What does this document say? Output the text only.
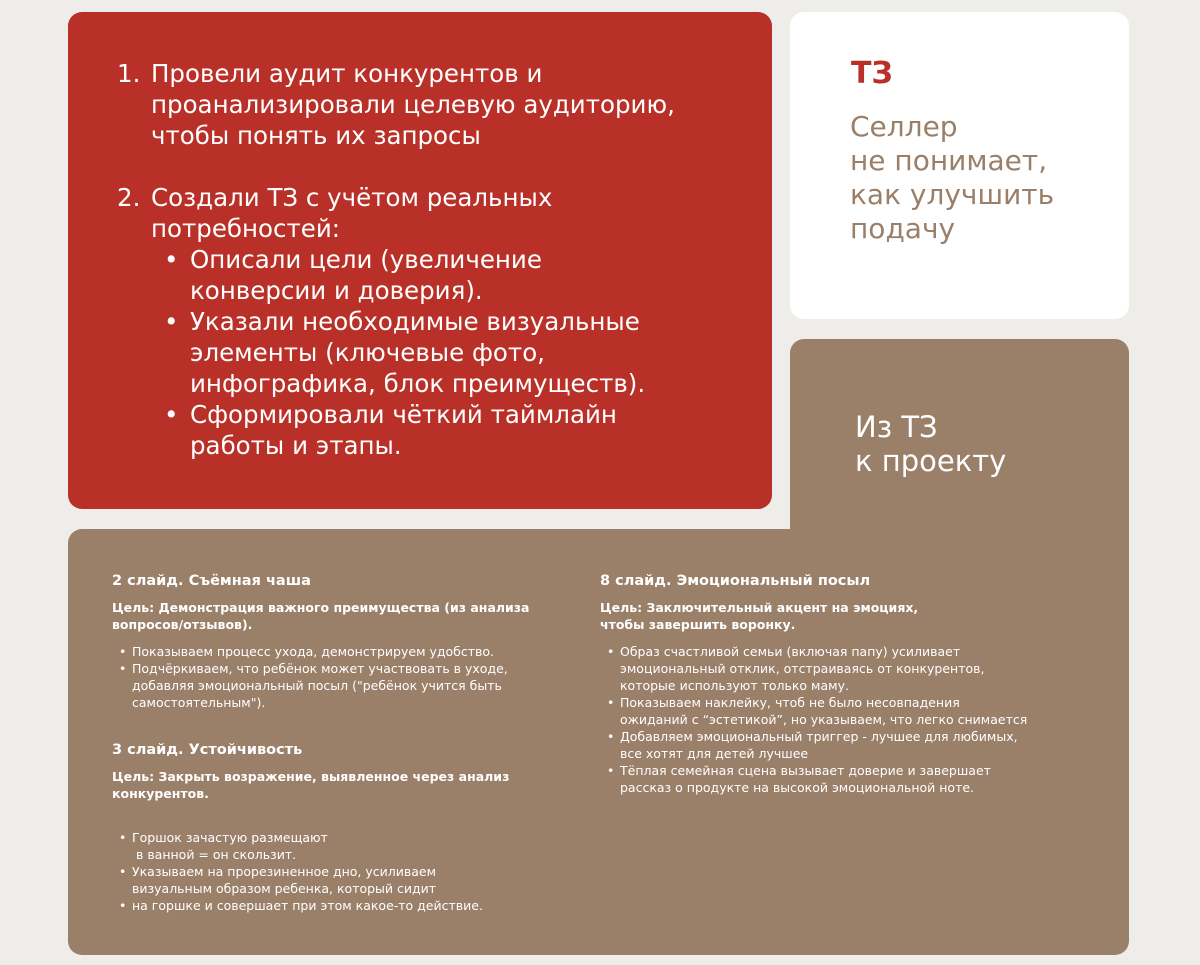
1. Провели аудит конкурентов и
проанализировали целевую аудиторию,
чтобы понять их запросы
2. Создали ТЗ с учётом реальных
потребностей:
• Описали цели (увеличение
конверсии и доверия).
• Указали необходимые визуальные
элементы (ключевые фото,
инфографика, блок преимуществ).
• Сформировали чёткий таймлайн
работы и этапы.
ТЗ
Селлер
не понимает,
как улучшить
подачу
Из ТЗ
к проекту
2 слайд. Съёмная чаша
Цель: Демонстрация важного преимущества (из анализа
вопросов/отзывов).
• Показываем процесс ухода, демонстрируем удобство.
• Подчёркиваем, что ребёнок может участвовать в уходе,
добавляя эмоциональный посыл ("ребёнок учится быть
самостоятельным").
3 слайд. Устойчивость
Цель: Закрыть возражение, выявленное через анализ
конкурентов.
• Горшок зачастую размещают
в ванной = он скользит.
• Указываем на прорезиненное дно, усиливаем
визуальным образом ребенка, который сидит
• на горшке и совершает при этом какое-то действие.
8 слайд. Эмоциональный посыл
Цель: Заключительный акцент на эмоциях,
чтобы завершить воронку.
• Образ счастливой семьи (включая папу) усиливает
эмоциональный отклик, отстраиваясь от конкурентов,
которые используют только маму.
• Показываем наклейку, чтоб не было несовпадения
ожиданий с “эстетикой”, но указываем, что легко снимается
• Добавляем эмоциональный триггер - лучшее для любимых,
все хотят для детей лучшее
• Тёплая семейная сцена вызывает доверие и завершает
рассказ о продукте на высокой эмоциональной ноте.
